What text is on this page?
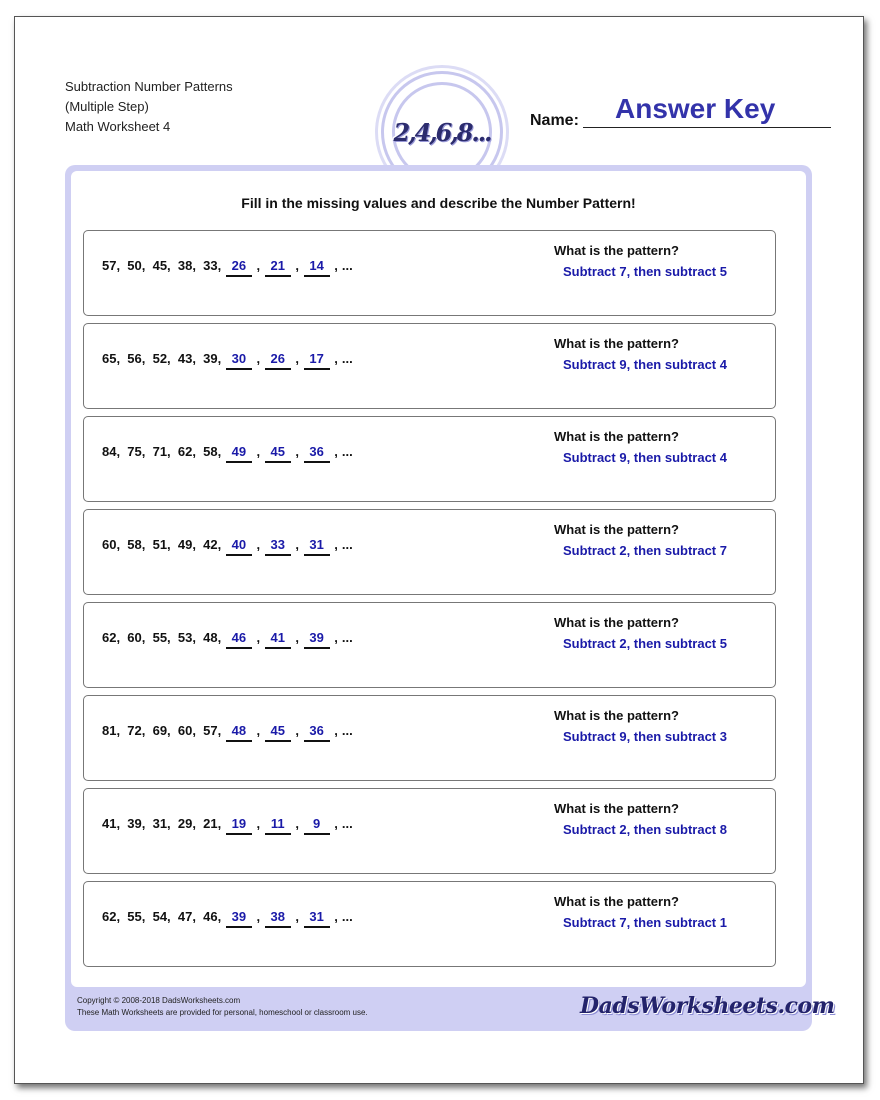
Subtraction Number Patterns
(Multiple Step)
Math Worksheet 4	2,4,6,8... Name: Answer Key
Fill in the missing values and describe the Number Pattern!
57,  50,  45,  38,  33, 26 , 21 , 14 , ...
What is the pattern?
Subtract 7, then subtract 5
65,  56,  52,  43,  39, 30 , 26 , 17 , ...
What is the pattern?
Subtract 9, then subtract 4
84,  75,  71,  62,  58, 49 , 45 , 36 , ...
What is the pattern?
Subtract 9, then subtract 4
60,  58,  51,  49,  42, 40 , 33 , 31 , ...
What is the pattern?
Subtract 2, then subtract 7
62,  60,  55,  53,  48, 46 , 41 , 39 , ...
What is the pattern?
Subtract 2, then subtract 5
81,  72,  69,  60,  57, 48 , 45 , 36 , ...
What is the pattern?
Subtract 9, then subtract 3
41,  39,  31,  29,  21, 19 , 11 , 9 , ...
What is the pattern?
Subtract 2, then subtract 8
62,  55,  54,  47,  46, 39 , 38 , 31 , ...
What is the pattern?
Subtract 7, then subtract 1
Copyright © 2008-2018 DadsWorksheets.com
These Math Worksheets are provided for personal, homeschool or classroom use.	DadsWorksheets.com
